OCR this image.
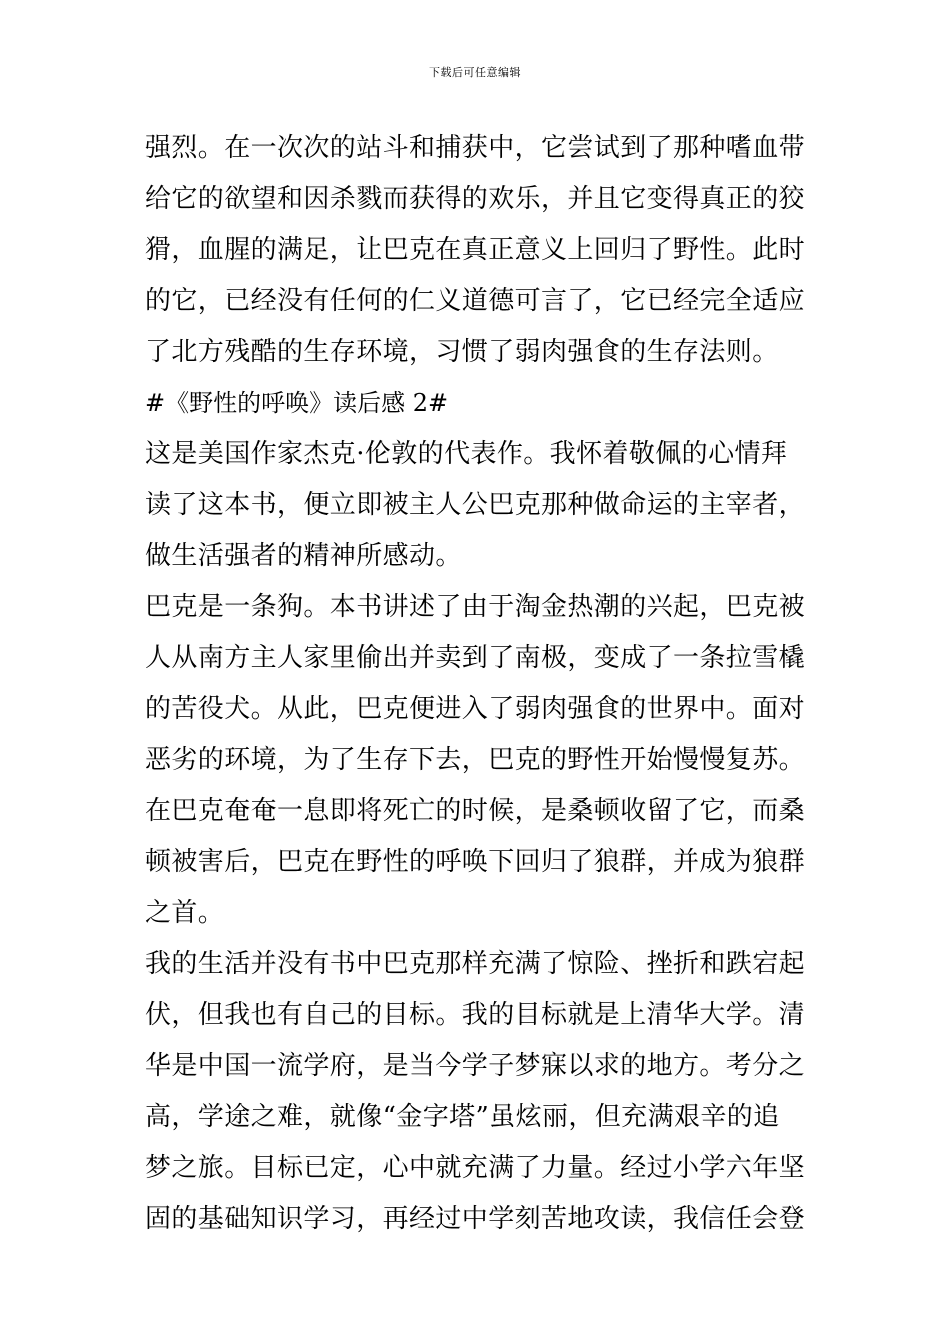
下载后可任意编辑
强烈。在一次次的站斗和捕获中，它尝试到了那种嗜血带
给它的欲望和因杀戮而获得的欢乐，并且它变得真正的狡
猾，血腥的满足，让巴克在真正意义上回归了野性。此时
的它，已经没有任何的仁义道德可言了，它已经完全适应
了北方残酷的生存环境，习惯了弱肉强食的生存法则。
#《野性的呼唤》读后感 2#
这是美国作家杰克·伦敦的代表作。我怀着敬佩的心情拜
读了这本书，便立即被主人公巴克那种做命运的主宰者，
做生活强者的精神所感动。
巴克是一条狗。本书讲述了由于淘金热潮的兴起，巴克被
人从南方主人家里偷出并卖到了南极，变成了一条拉雪橇
的苦役犬。从此，巴克便进入了弱肉强食的世界中。面对
恶劣的环境，为了生存下去，巴克的野性开始慢慢复苏。
在巴克奄奄一息即将死亡的时候，是桑顿收留了它，而桑
顿被害后，巴克在野性的呼唤下回归了狼群，并成为狼群
之首。
我的生活并没有书中巴克那样充满了惊险、挫折和跌宕起
伏，但我也有自己的目标。我的目标就是上清华大学。清
华是中国一流学府，是当今学子梦寐以求的地方。考分之
高，学途之难，就像“金字塔”虽炫丽，但充满艰辛的追
梦之旅。目标已定，心中就充满了力量。经过小学六年坚
固的基础知识学习，再经过中学刻苦地攻读，我信任会登
